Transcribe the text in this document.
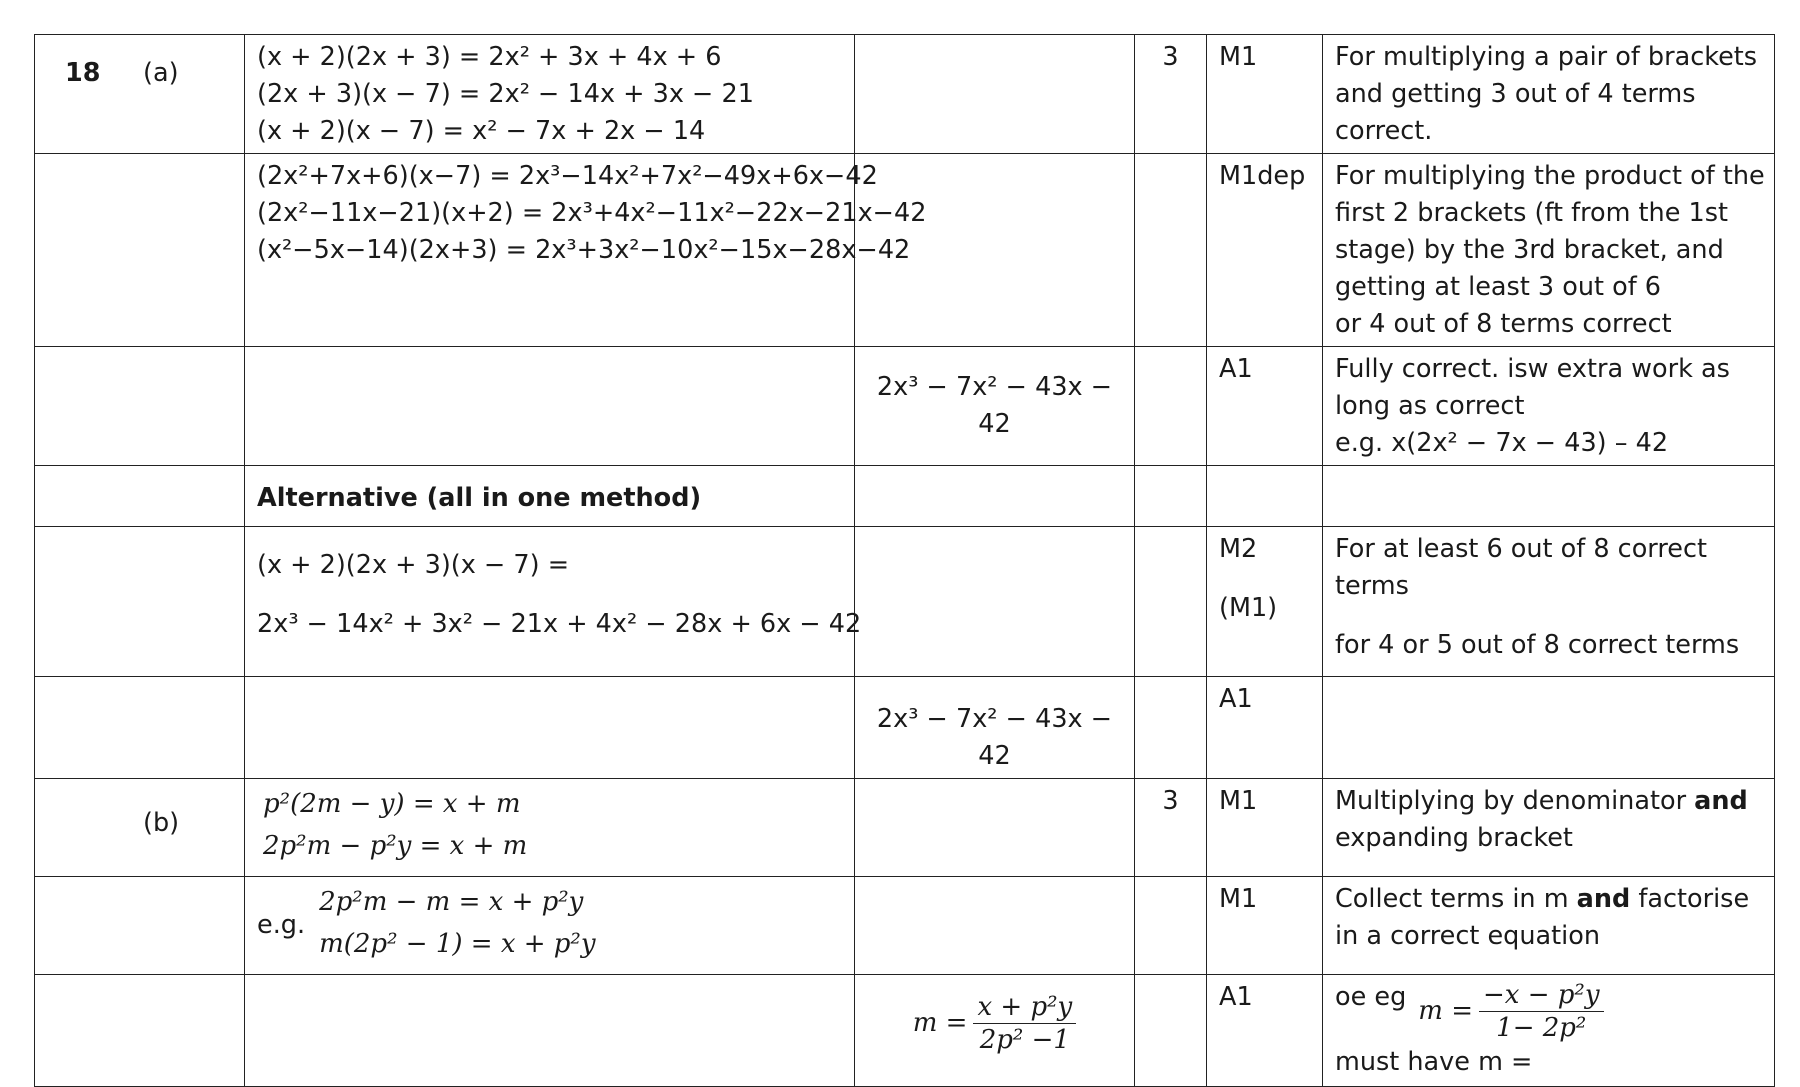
18 (a)	(x + 2)(2x + 3) = 2x² + 3x + 4x + 6
(2x + 3)(x − 7) = 2x² − 14x + 3x − 21
(x + 2)(x − 7) = x² − 7x + 2x − 14		3	M1	For multiplying a pair of brackets
and getting 3 out of 4 terms
correct.

	(2x²+7x+6)(x−7) = 2x³−14x²+7x²−49x+6x−42
(2x²−11x−21)(x+2) = 2x³+4x²−11x²−22x−21x−42
(x²−5x−14)(2x+3) = 2x³+3x²−10x²−15x−28x−42			M1dep	For multiplying the product of the
first 2 brackets (ft from the 1st
stage) by the 3rd bracket, and
getting at least 3 out of 6
or 4 out of 8 terms correct

		2x³ − 7x² − 43x − 42		A1	Fully correct. isw extra work as
long as correct
e.g. x(2x² − 7x − 43) – 42

	Alternative (all in one method)				

	(x + 2)(2x + 3)(x − 7) =
2x³ − 14x² + 3x² − 21x + 4x² − 28x + 6x − 42			M2
(M1)	For at least 6 out of 8 correct terms
for 4 or 5 out of 8 correct terms

		2x³ − 7x² − 43x − 42		A1	

(b)	p²(2m − y) = x + m
2p²m − p²y = x + m		3	M1	Multiplying by denominator and
expanding bracket

	e.g.
2p²m − m = x + p²y
m(2p² − 1) = x + p²y			M1	Collect terms in m and factorise
in a correct equation

		$m = \frac{\text{x + p²y}}{\text{2p² −1}}$		A1	oe eg $m = \frac{\text{−x − p²y}}{\text{1− 2p²}}$
must have m =
